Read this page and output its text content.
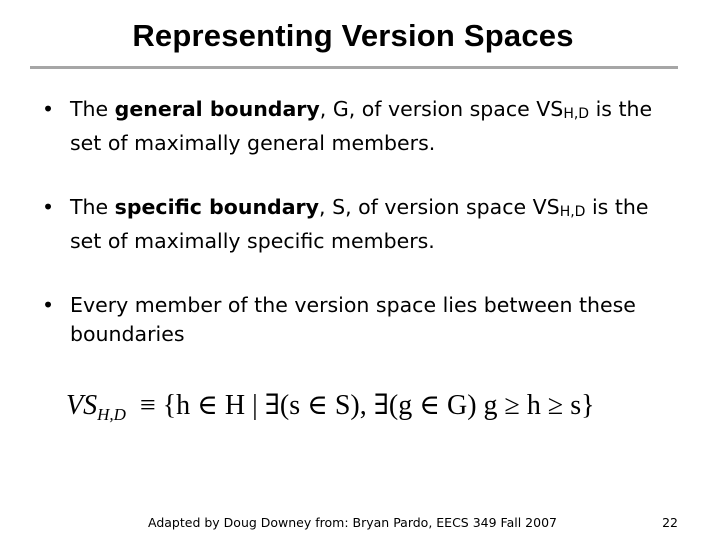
Representing Version Spaces
• The general boundary, G, of version space $VS_{H,D}$ is the set of maximally general members.
• The specific boundary, S, of version space $VS_{H,D}$ is the set of maximally specific members.
• Every member of the version space lies between these boundaries
$VS_{H,D} \equiv \{h$ ∈ H | ∃(s ∈ S), ∃(g ∈ G) g ≥ h ≥ s}
Adapted by Doug Downey from: Bryan Pardo, EECS 349 Fall 2007	22
